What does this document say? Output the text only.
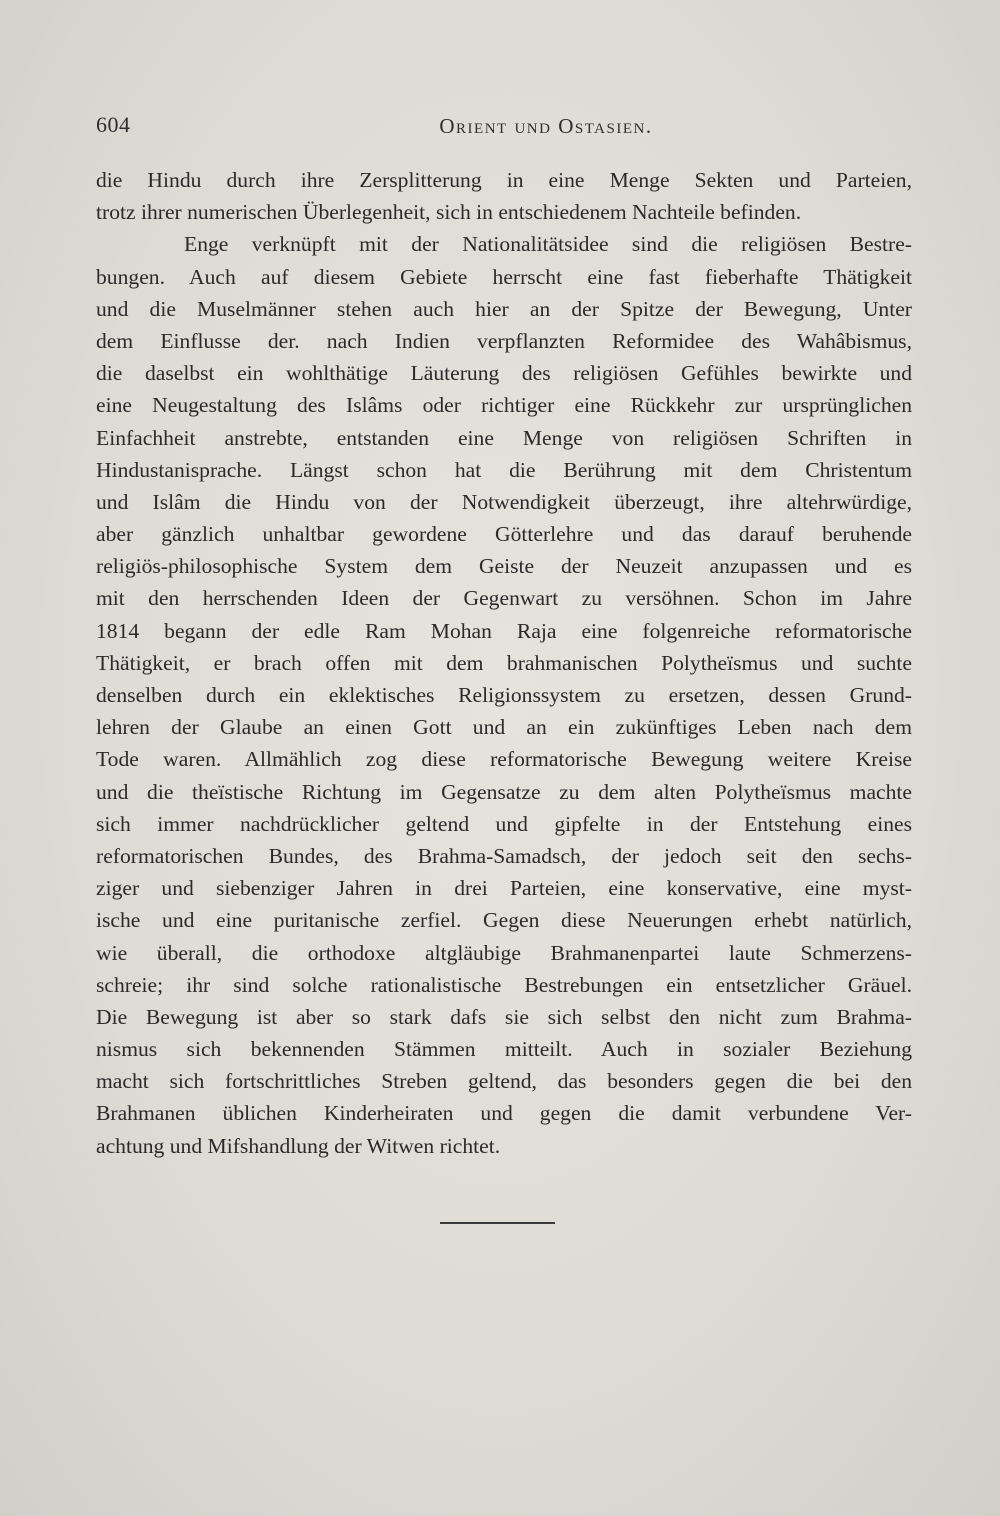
604	Orient und Ostasien.
die Hindu durch ihre Zersplitterung in eine Menge Sekten und Parteien,
trotz ihrer numerischen Überlegenheit, sich in entschiedenem Nachteile befinden.
Enge verknüpft mit der Nationalitätsidee sind die religiösen Bestre-
bungen. Auch auf diesem Gebiete herrscht eine fast fieberhafte Thätigkeit
und die Muselmänner stehen auch hier an der Spitze der Bewegung, Unter
dem Einflusse der. nach Indien verpflanzten Reformidee des Wahâbismus,
die daselbst ein wohlthätige Läuterung des religiösen Gefühles bewirkte und
eine Neugestaltung des Islâms oder richtiger eine Rückkehr zur ursprünglichen
Einfachheit anstrebte, entstanden eine Menge von religiösen Schriften in
Hindustanisprache. Längst schon hat die Berührung mit dem Christentum
und Islâm die Hindu von der Notwendigkeit überzeugt, ihre altehrwürdige,
aber gänzlich unhaltbar gewordene Götterlehre und das darauf beruhende
religiös-philosophische System dem Geiste der Neuzeit anzupassen und es
mit den herrschenden Ideen der Gegenwart zu versöhnen. Schon im Jahre
1814 begann der edle Ram Mohan Raja eine folgenreiche reformatorische
Thätigkeit, er brach offen mit dem brahmanischen Polytheïsmus und suchte
denselben durch ein eklektisches Religionssystem zu ersetzen, dessen Grund-
lehren der Glaube an einen Gott und an ein zukünftiges Leben nach dem
Tode waren. Allmählich zog diese reformatorische Bewegung weitere Kreise
und die theïstische Richtung im Gegensatze zu dem alten Polytheïsmus machte
sich immer nachdrücklicher geltend und gipfelte in der Entstehung eines
reformatorischen Bundes, des Brahma-Samadsch, der jedoch seit den sechs-
ziger und siebenziger Jahren in drei Parteien, eine konservative, eine myst-
ische und eine puritanische zerfiel. Gegen diese Neuerungen erhebt natürlich,
wie überall, die orthodoxe altgläubige Brahmanenpartei laute Schmerzens-
schreie; ihr sind solche rationalistische Bestrebungen ein entsetzlicher Gräuel.
Die Bewegung ist aber so stark dafs sie sich selbst den nicht zum Brahma-
nismus sich bekennenden Stämmen mitteilt. Auch in sozialer Beziehung
macht sich fortschrittliches Streben geltend, das besonders gegen die bei den
Brahmanen üblichen Kinderheiraten und gegen die damit verbundene Ver-
achtung und Mifshandlung der Witwen richtet.
